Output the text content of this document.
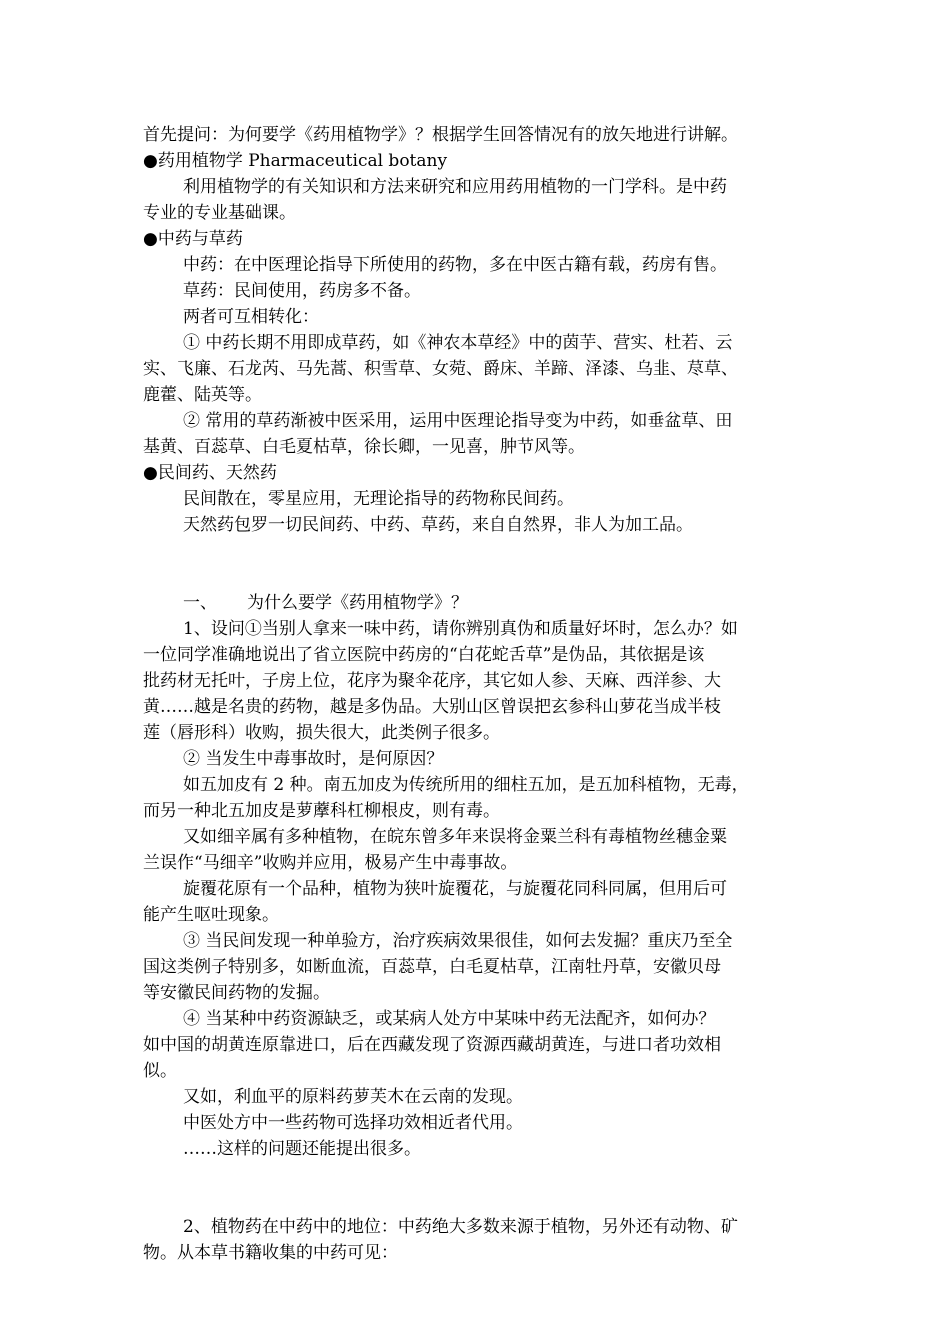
首先提问：为何要学《药用植物学》？根据学生回答情况有的放矢地进行讲解。
●药用植物学 Pharmaceutical botany
利用植物学的有关知识和方法来研究和应用药用植物的一门学科。是中药
专业的专业基础课。
●中药与草药
中药：在中医理论指导下所使用的药物，多在中医古籍有载，药房有售。
草药：民间使用，药房多不备。
两者可互相转化：
① 中药长期不用即成草药，如《神农本草经》中的茵芋、营实、杜若、云
实、飞廉、石龙芮、马先蒿、积雪草、女菀、爵床、羊蹄、泽漆、乌韭、荩草、
鹿藿、陆英等。
② 常用的草药渐被中医采用，运用中医理论指导变为中药，如垂盆草、田
基黄、百蕊草、白毛夏枯草，徐长卿，一见喜，肿节风等。
●民间药、天然药
民间散在，零星应用，无理论指导的药物称民间药。
天然药包罗一切民间药、中药、草药，来自自然界，非人为加工品。
一、 为什么要学《药用植物学》？
1、设问①当别人拿来一味中药，请你辨别真伪和质量好坏时，怎么办？如
一位同学准确地说出了省立医院中药房的“白花蛇舌草”是伪品，其依据是该
批药材无托叶，子房上位，花序为聚伞花序，其它如人参、天麻、西洋参、大
黄……越是名贵的药物，越是多伪品。大别山区曾误把玄参科山萝花当成半枝
莲（唇形科）收购，损失很大，此类例子很多。
② 当发生中毒事故时，是何原因？
如五加皮有 2 种。南五加皮为传统所用的细柱五加，是五加科植物，无毒，
而另一种北五加皮是萝藦科杠柳根皮，则有毒。
又如细辛属有多种植物，在皖东曾多年来误将金粟兰科有毒植物丝穗金粟
兰误作“马细辛”收购并应用，极易产生中毒事故。
旋覆花原有一个品种，植物为狭叶旋覆花，与旋覆花同科同属，但用后可
能产生呕吐现象。
③ 当民间发现一种单验方，治疗疾病效果很佳，如何去发掘？重庆乃至全
国这类例子特别多，如断血流，百蕊草，白毛夏枯草，江南牡丹草，安徽贝母
等安徽民间药物的发掘。
④ 当某种中药资源缺乏，或某病人处方中某味中药无法配齐，如何办？
如中国的胡黄连原靠进口，后在西藏发现了资源西藏胡黄连，与进口者功效相
似。
又如，利血平的原料药萝芙木在云南的发现。
中医处方中一些药物可选择功效相近者代用。
……这样的问题还能提出很多。
2、植物药在中药中的地位：中药绝大多数来源于植物，另外还有动物、矿
物。从本草书籍收集的中药可见：
